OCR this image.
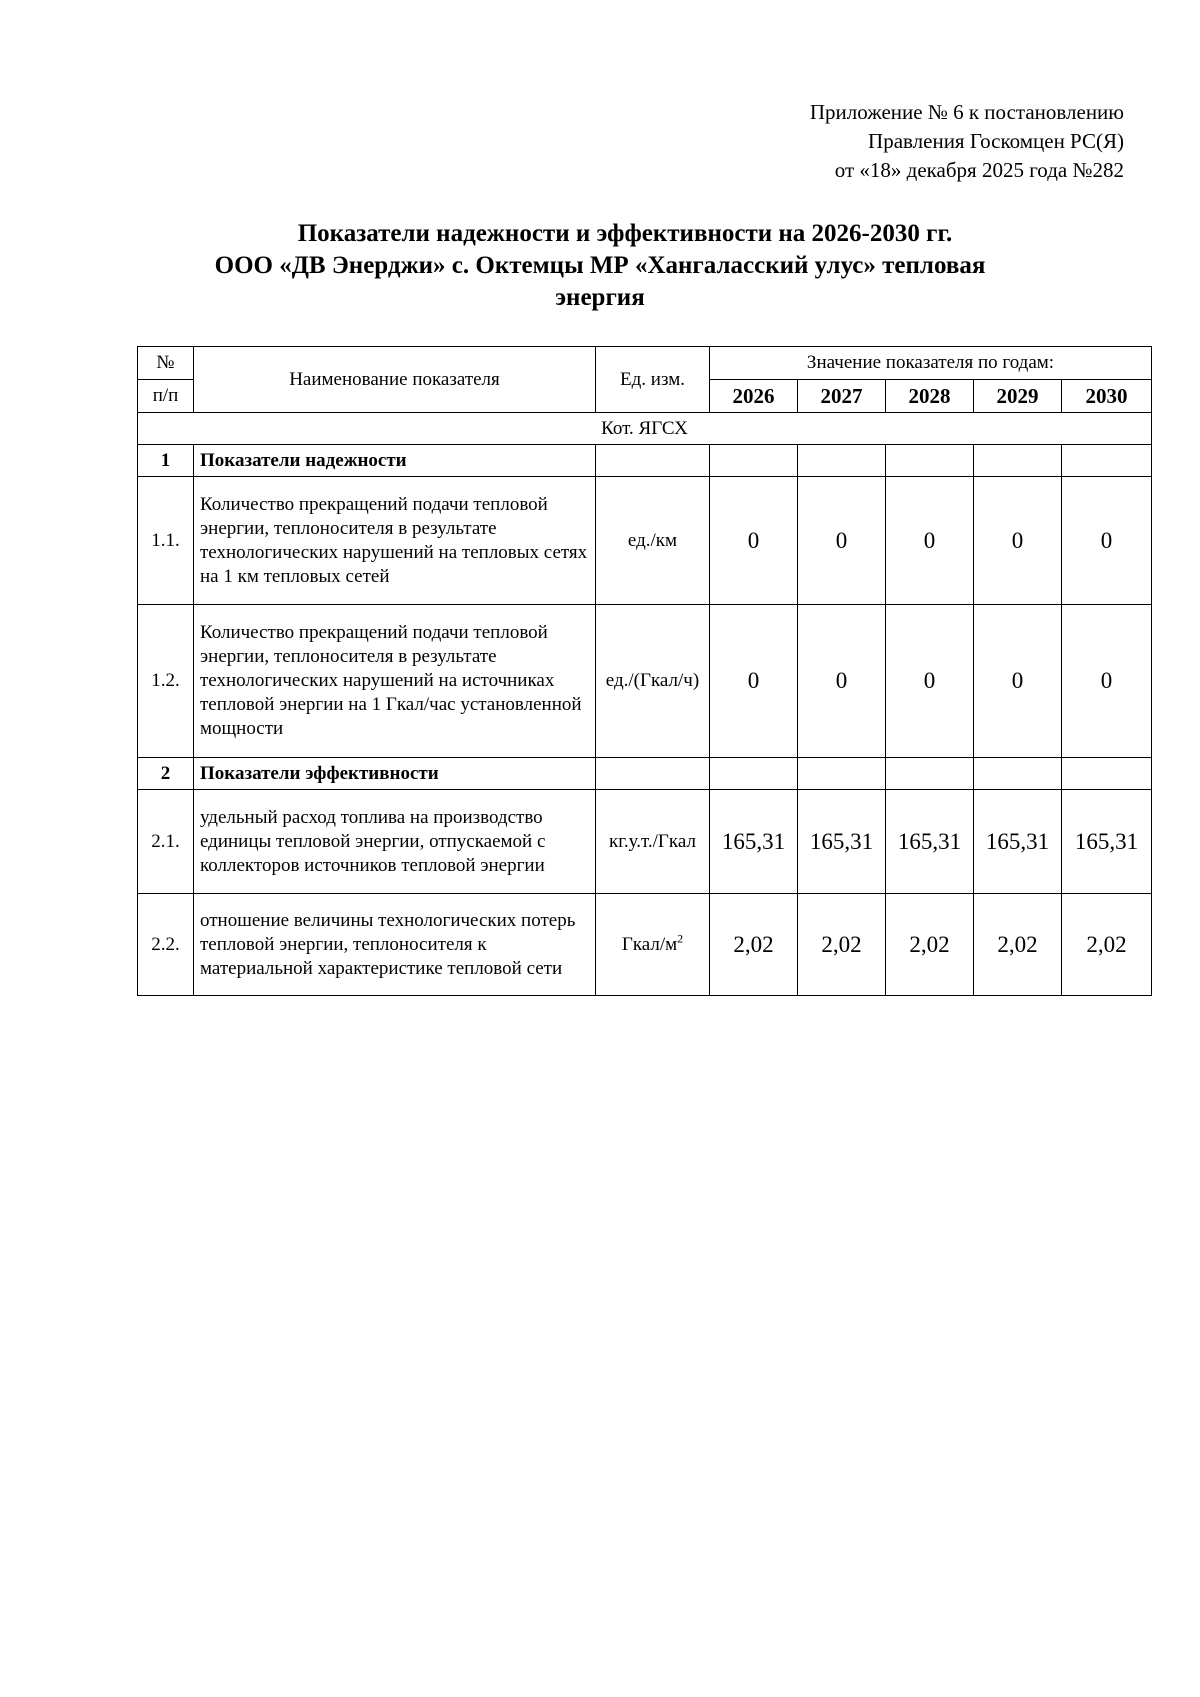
Приложение № 6 к постановлению
Правления Госкомцен РС(Я)
от «18» декабря 2025 года №282
Показатели надежности и эффективности на 2026-2030 гг.
ООО «ДВ Энерджи» с. Октемцы МР «Хангаласский улус» тепловая
энергия
№	Наименование показателя	Ед. изм.	Значение показателя по годам:				
п/п			2026	2027	2028	2029	2030
Кот. ЯГСХ							
1	Показатели надежности						
1.1.	Количество прекращений подачи тепловой энергии, теплоносителя в результате технологических нарушений на тепловых сетях на 1 км тепловых сетей	ед./км	0	0	0	0	0
1.2.	Количество прекращений подачи тепловой энергии, теплоносителя в результате технологических нарушений на источниках тепловой энергии на 1 Гкал/час установленной мощности	ед./(Гкал/ч)	0	0	0	0	0
2	Показатели эффективности						
2.1.	удельный расход топлива на производство единицы тепловой энергии, отпускаемой с коллекторов источников тепловой энергии	кг.у.т./Гкал	165,31	165,31	165,31	165,31	165,31
2.2.	отношение величины технологических потерь тепловой энергии, теплоносителя к материальной характеристике тепловой сети	Гкал/$м^2$	2,02	2,02	2,02	2,02	2,02
